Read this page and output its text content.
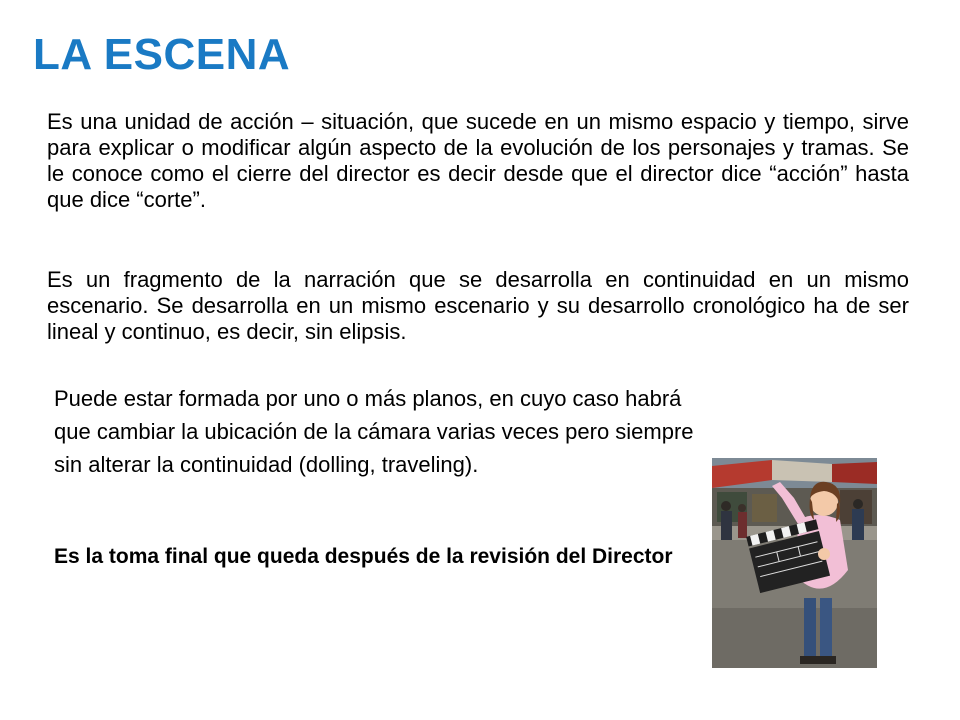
LA ESCENA

Es una unidad de acción – situación, que sucede en un mismo espacio y tiempo, sirve para explicar o modificar algún aspecto de la evolución de los personajes y tramas. Se le conoce como el cierre del director es decir desde que el director dice “acción” hasta que dice “corte”.

Es un fragmento de la narración que se desarrolla en continuidad en un mismo escenario. Se desarrolla en un mismo escenario y su desarrollo cronológico ha de ser lineal y continuo, es decir, sin elipsis.

Puede estar formada por uno o más planos, en cuyo caso habrá que cambiar la ubicación de la cámara varias veces pero siempre sin alterar la continuidad (dolling, traveling).

Es la toma final que queda después de la revisión del Director
